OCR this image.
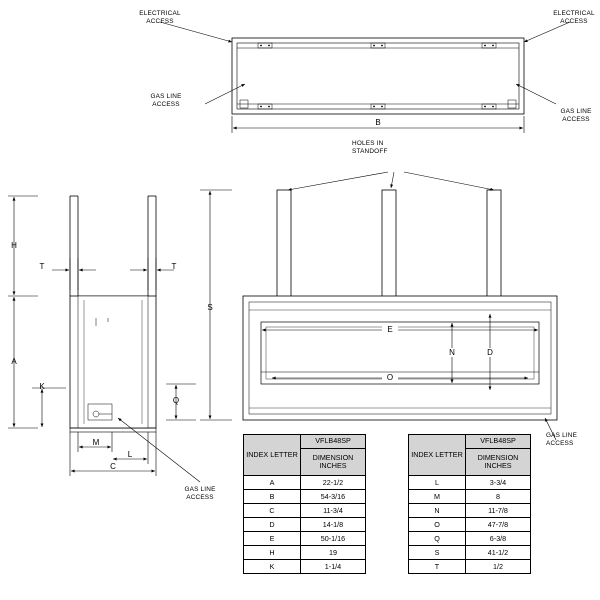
ELECTRICAL
ACCESS
ELECTRICAL
ACCESS
GAS LINE
ACCESS
GAS LINE
ACCESS
HOLES IN
STANDOFF
GAS LINE
ACCESS
GAS LINE
ACCESS
B
H
T	T
A
K
M
L
C
S
Q
E
N	D
O
INDEX LETTER	VFLB48SP
	DIMENSION INCHES
A	22-1/2
B	54-3/16
C	11-3/4
D	14-1/8
E	50-1/16
H	19
K	1-1/4
INDEX LETTER	VFLB48SP
	DIMENSION INCHES
L	3-3/4
M	8
N	11-7/8
O	47-7/8
Q	6-3/8
S	41-1/2
T	1/2
